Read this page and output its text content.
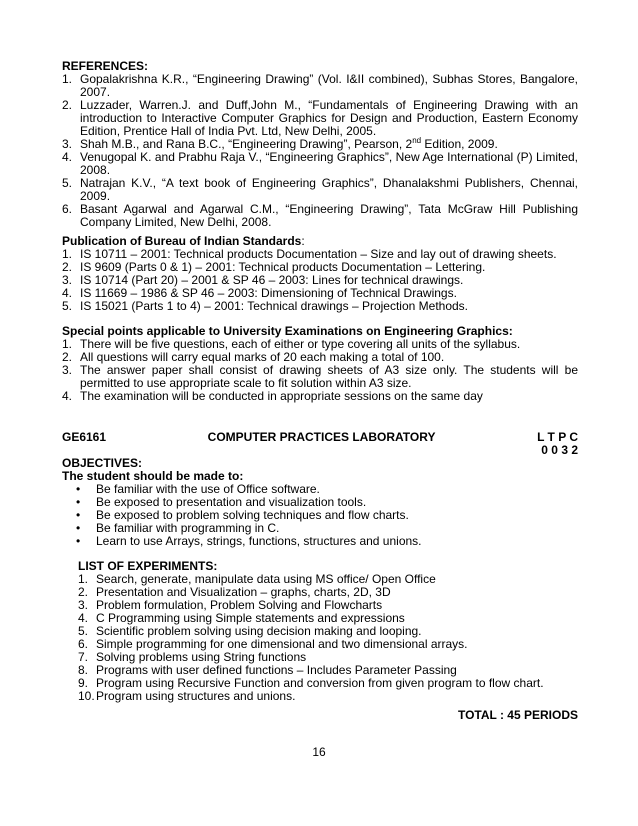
REFERENCES:

1. Gopalakrishna K.R., “Engineering Drawing” (Vol. I&II combined), Subhas Stores, Bangalore, 2007.
2. Luzzader, Warren.J. and Duff,John M., “Fundamentals of Engineering Drawing with an introduction to Interactive Computer Graphics for Design and Production, Eastern Economy Edition, Prentice Hall of India Pvt. Ltd, New Delhi, 2005.
3. Shah M.B., and Rana B.C., “Engineering Drawing”, Pearson, 2nd Edition, 2009.
4. Venugopal K. and Prabhu Raja V., “Engineering Graphics”, New Age International (P) Limited, 2008.
5. Natrajan K.V., “A text book of Engineering Graphics”, Dhanalakshmi Publishers, Chennai, 2009.
6. Basant Agarwal and Agarwal C.M., “Engineering Drawing”, Tata McGraw Hill Publishing Company Limited, New Delhi, 2008.

Publication of Bureau of Indian Standards:

1. IS 10711 – 2001: Technical products Documentation – Size and lay out of drawing sheets.
2. IS 9609 (Parts 0 & 1) – 2001: Technical products Documentation – Lettering.
3. IS 10714 (Part 20) – 2001 & SP 46 – 2003: Lines for technical drawings.
4. IS 11669 – 1986 & SP 46 – 2003: Dimensioning of Technical Drawings.
5. IS 15021 (Parts 1 to 4) – 2001: Technical drawings – Projection Methods.

Special points applicable to University Examinations on Engineering Graphics:

1. There will be five questions, each of either or type covering all units of the syllabus.
2. All questions will carry equal marks of 20 each making a total of 100.
3. The answer paper shall consist of drawing sheets of A3 size only. The students will be permitted to use appropriate scale to fit solution within A3 size.
4. The examination will be conducted in appropriate sessions on the same day
GE6161	COMPUTER PRACTICES LABORATORY	L T P C
0 0 3 2

OBJECTIVES:

The student should be made to:

•	Be familiar with the use of Office software.
•	Be exposed to presentation and visualization tools.
•	Be exposed to problem solving techniques and flow charts.
•	Be familiar with programming in C.
•	Learn to use Arrays, strings, functions, structures and unions.

LIST OF EXPERIMENTS:

1. Search, generate, manipulate data using MS office/ Open Office
2. Presentation and Visualization – graphs, charts, 2D, 3D
3. Problem formulation, Problem Solving and Flowcharts
4. C Programming using Simple statements and expressions
5. Scientific problem solving using decision making and looping.
6. Simple programming for one dimensional and two dimensional arrays.
7. Solving problems using String functions
8. Programs with user defined functions – Includes Parameter Passing
9. Program using Recursive Function and conversion from given program to flow chart.
10. Program using structures and unions.
TOTAL : 45 PERIODS
16
